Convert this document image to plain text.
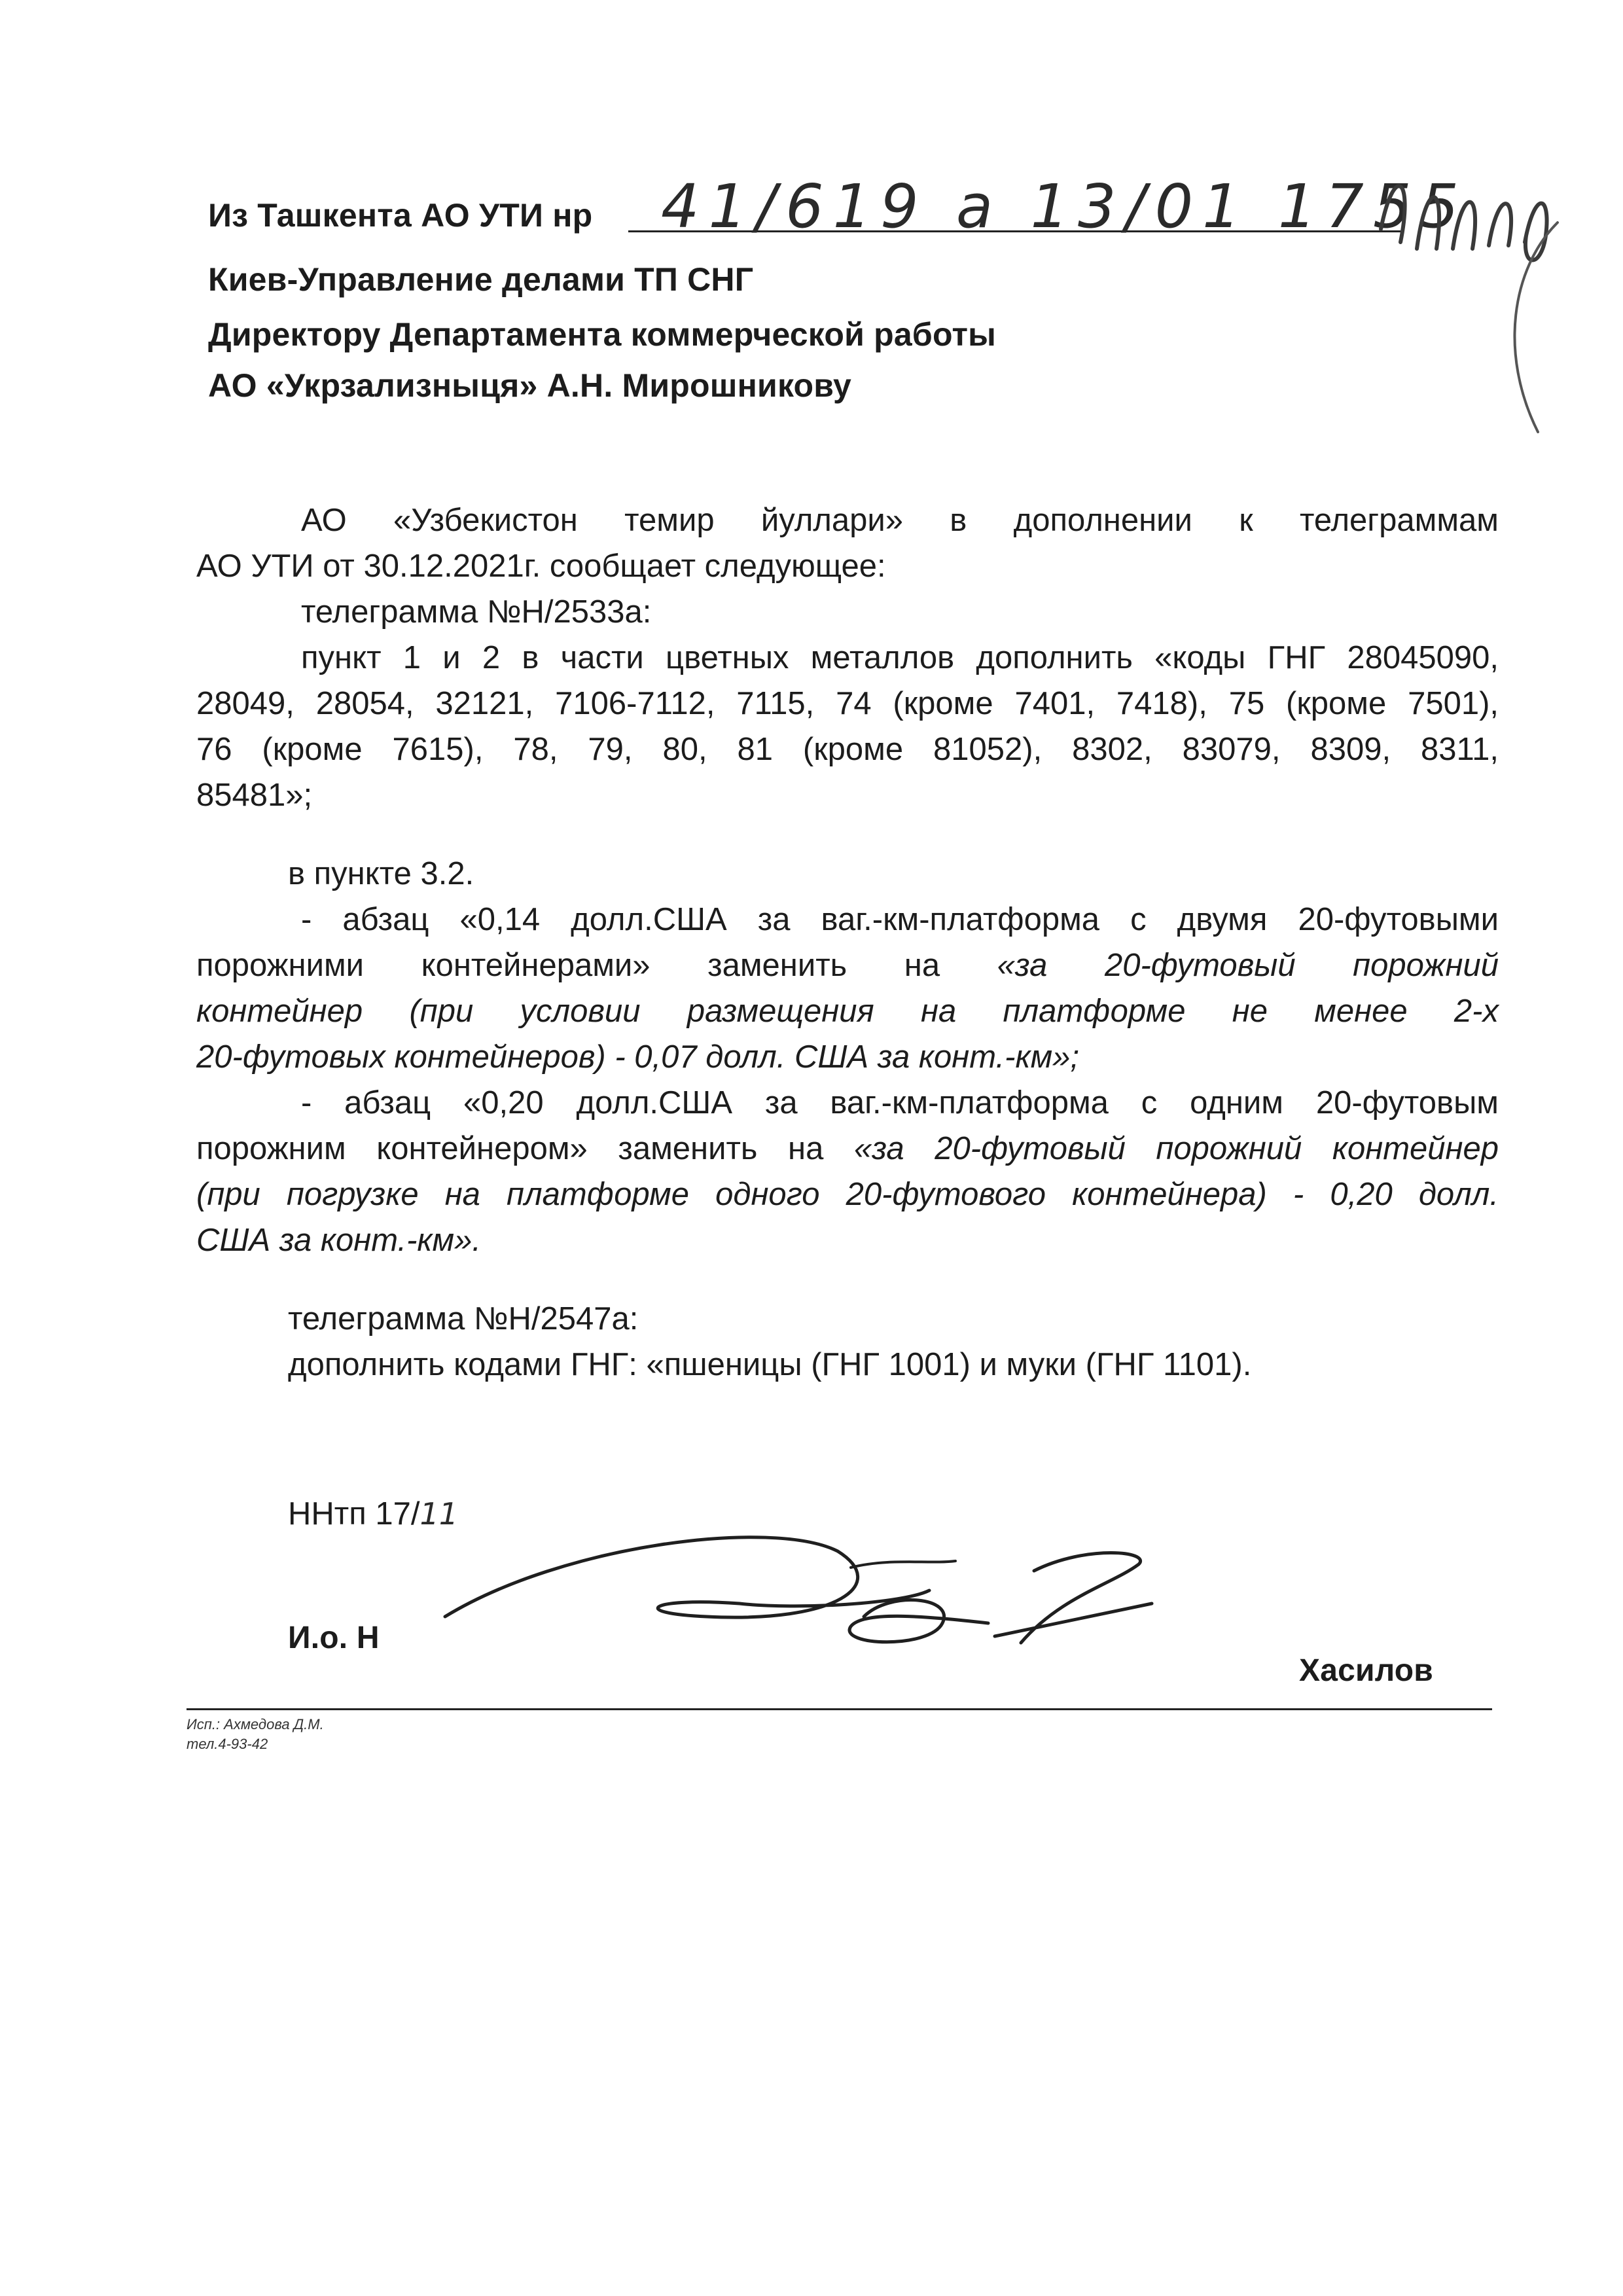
Из Ташкента АО УТИ нр 41/619 а 13/01 1755
Киев-Управление делами ТП СНГ
Директору Департамента коммерческой работы
АО «Укрзализныця» А.Н. Мирошникову
АО «Узбекистон темир йуллари» в дополнении к телеграммам
АО УТИ от 30.12.2021г. сообщает следующее:
телеграмма №Н/2533а:
пункт 1 и 2 в части цветных металлов дополнить «коды ГНГ 28045090,
28049, 28054, 32121, 7106-7112, 7115, 74 (кроме 7401, 7418), 75 (кроме 7501),
76 (кроме 7615), 78, 79, 80, 81 (кроме 81052), 8302, 83079, 8309, 8311,
85481»;
в пункте 3.2.
- абзац «0,14 долл.США за ваг.-км-платформа с двумя 20-футовыми
порожними контейнерами» заменить на «за 20-футовый порожний
контейнер (при условии размещения на платформе не менее 2-х
20-футовых контейнеров) - 0,07 долл. США за конт.-км»;
- абзац «0,20 долл.США за ваг.-км-платформа с одним 20-футовым
порожним контейнером» заменить на «за 20-футовый порожний контейнер
(при погрузке на платформе одного 20-футового контейнера) - 0,20 долл.
США за конт.-км».
телеграмма №Н/2547а:
дополнить кодами ГНГ: «пшеницы (ГНГ 1001) и муки (ГНГ 1101).
ННтп 17/11
И.о. Н
Хасилов
Исп.: Ахмедова Д.М.
тел.4-93-42
